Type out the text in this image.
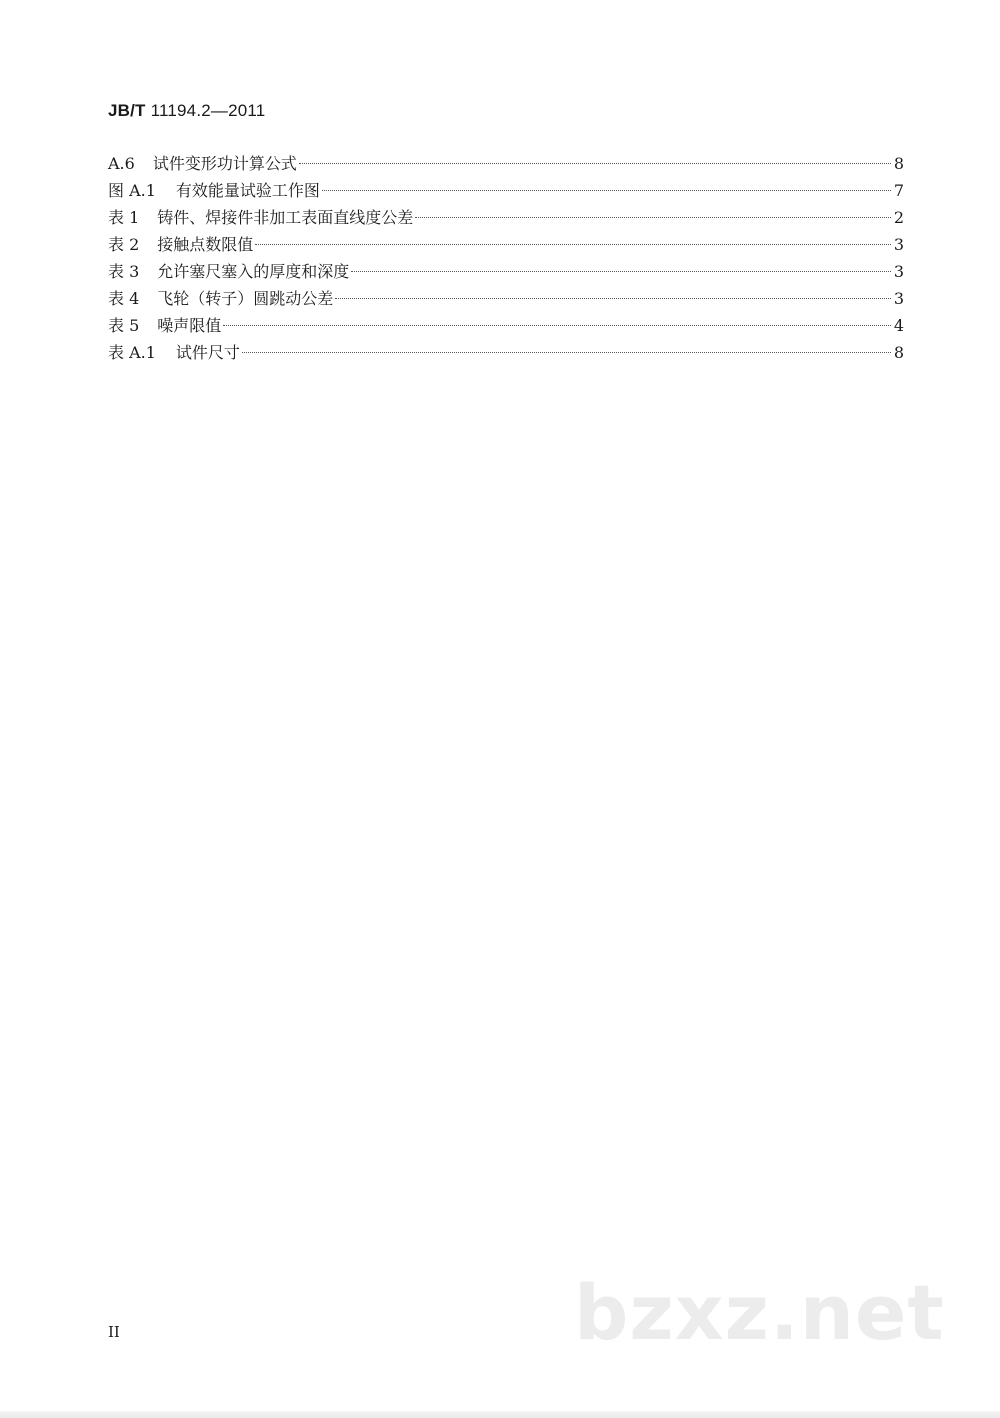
JB/T 11194.2—2011
A.6	试件变形功计算公式	8
图 A.1	有效能量试验工作图	7
表 1	铸件、焊接件非加工表面直线度公差	2
表 2	接触点数限值	3
表 3	允许塞尺塞入的厚度和深度	3
表 4	飞轮（转子）圆跳动公差	3
表 5	噪声限值	4
表 A.1	试件尺寸	8
II	bzxz.net
